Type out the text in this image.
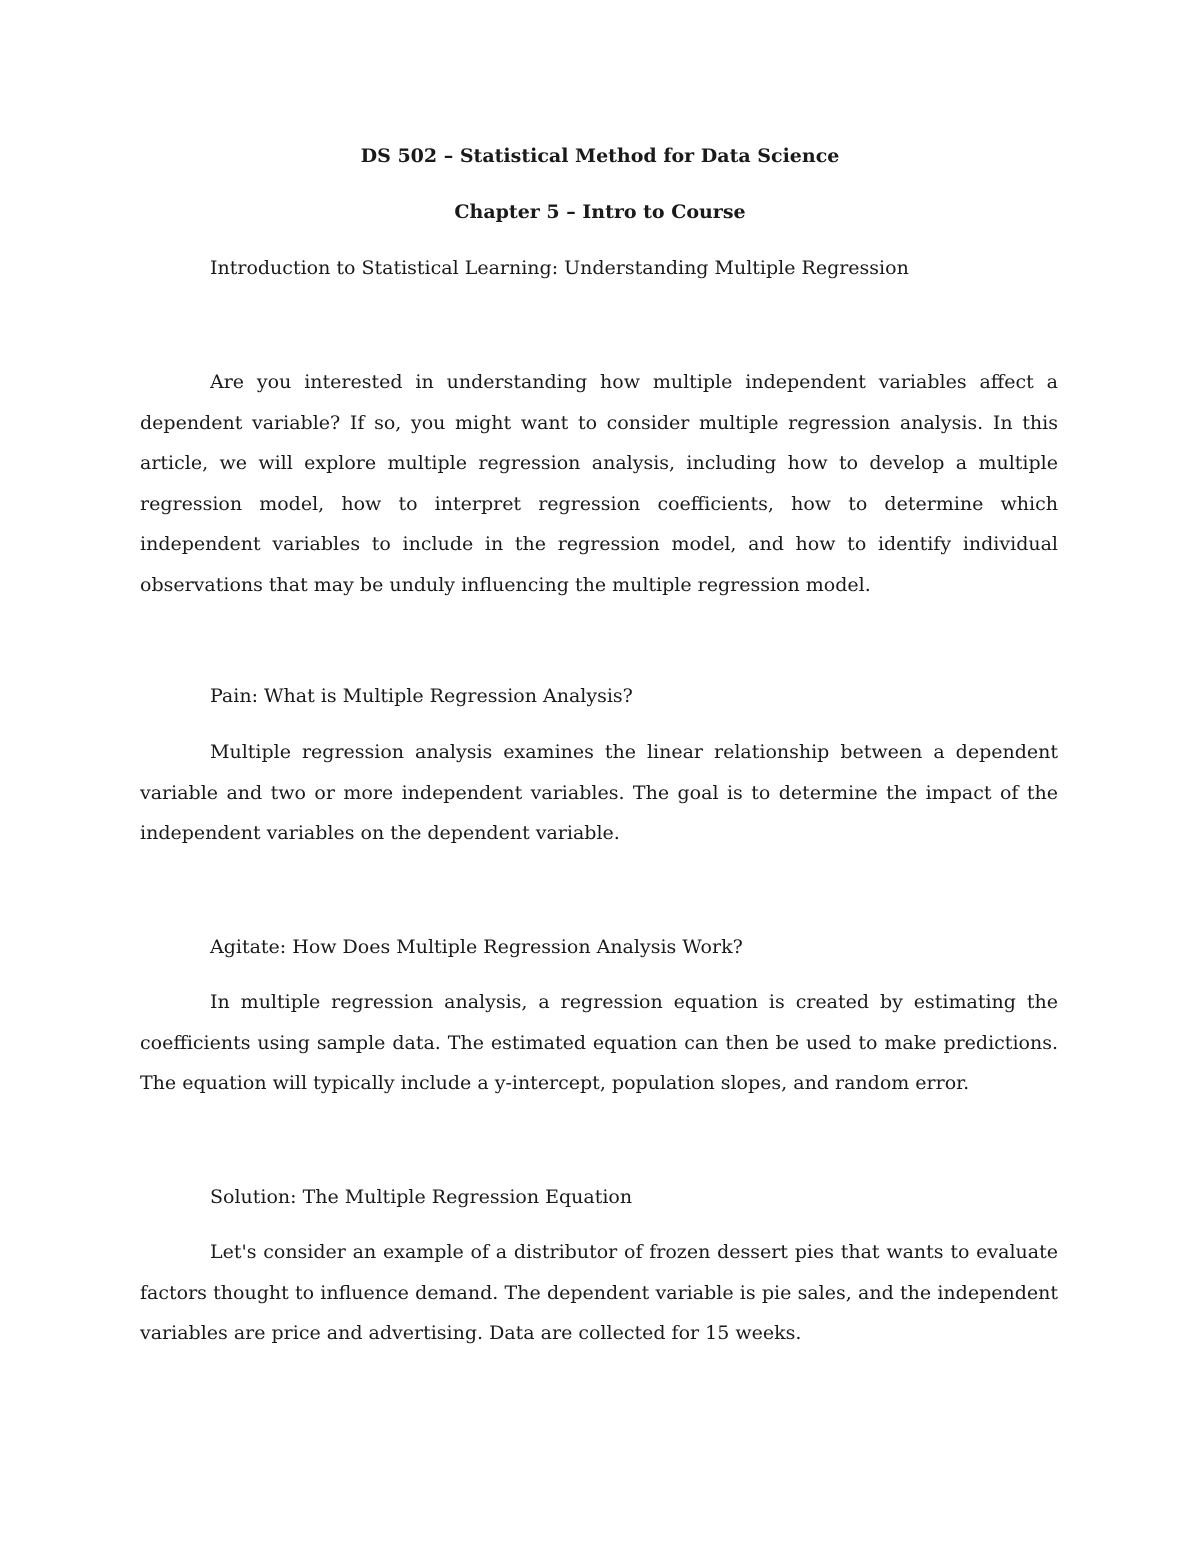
DS 502 – Statistical Method for Data Science
Chapter 5 – Intro to Course

Introduction to Statistical Learning: Understanding Multiple Regression

Are you interested in understanding how multiple independent variables affect a dependent variable? If so, you might want to consider multiple regression analysis. In this article, we will explore multiple regression analysis, including how to develop a multiple regression model, how to interpret regression coefficients, how to determine which independent variables to include in the regression model, and how to identify individual observations that may be unduly influencing the multiple regression model.

Pain: What is Multiple Regression Analysis?

Multiple regression analysis examines the linear relationship between a dependent variable and two or more independent variables. The goal is to determine the impact of the independent variables on the dependent variable.

Agitate: How Does Multiple Regression Analysis Work?

In multiple regression analysis, a regression equation is created by estimating the coefficients using sample data. The estimated equation can then be used to make predictions. The equation will typically include a y-intercept, population slopes, and random error.

Solution: The Multiple Regression Equation

Let's consider an example of a distributor of frozen dessert pies that wants to evaluate factors thought to influence demand. The dependent variable is pie sales, and the independent variables are price and advertising. Data are collected for 15 weeks.
